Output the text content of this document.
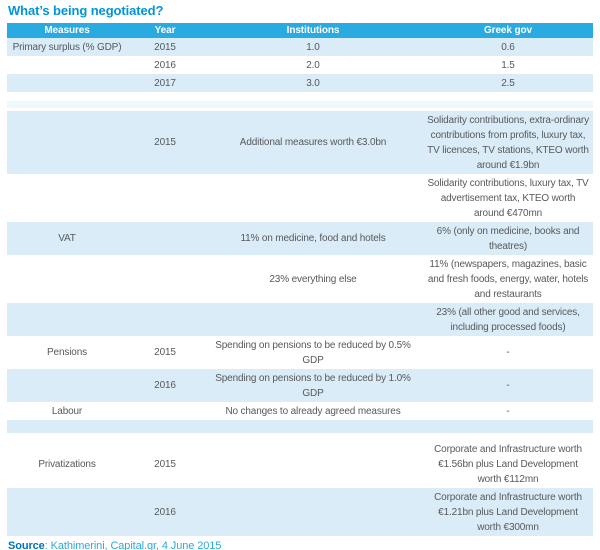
What’s being negotiated?
Measures	Year	Institutions	Greek gov
Primary surplus (% GDP)	2015	1.0	0.6
	2016	2.0	1.5
	2017	3.0	2.5

	2015	Additional measures worth €3.0bn	Solidarity contributions, extra-ordinary contributions from profits, luxury tax, TV licences, TV stations, KTEO worth around €1.9bn
			Solidarity contributions, luxury tax, TV advertisement tax, KTEO worth around €470mn
VAT		11% on medicine, food and hotels	6% (only on medicine, books and theatres)
		23% everything else	11% (newspapers, magazines, basic and fresh foods, energy, water, hotels and restaurants
			23% (all other good and services, including processed foods)
Pensions	2015	Spending on pensions to be reduced by 0.5% GDP	-
	2016	Spending on pensions to be reduced by 1.0% GDP	-
Labour		No changes to already agreed measures	-

Privatizations	2015		Corporate and Infrastructure worth €1.56bn plus Land Development worth €112mn
	2016		Corporate and Infrastructure worth €1.21bn plus Land Development worth €300mn

Source: Kathimerini, Capital.gr, 4 June 2015
